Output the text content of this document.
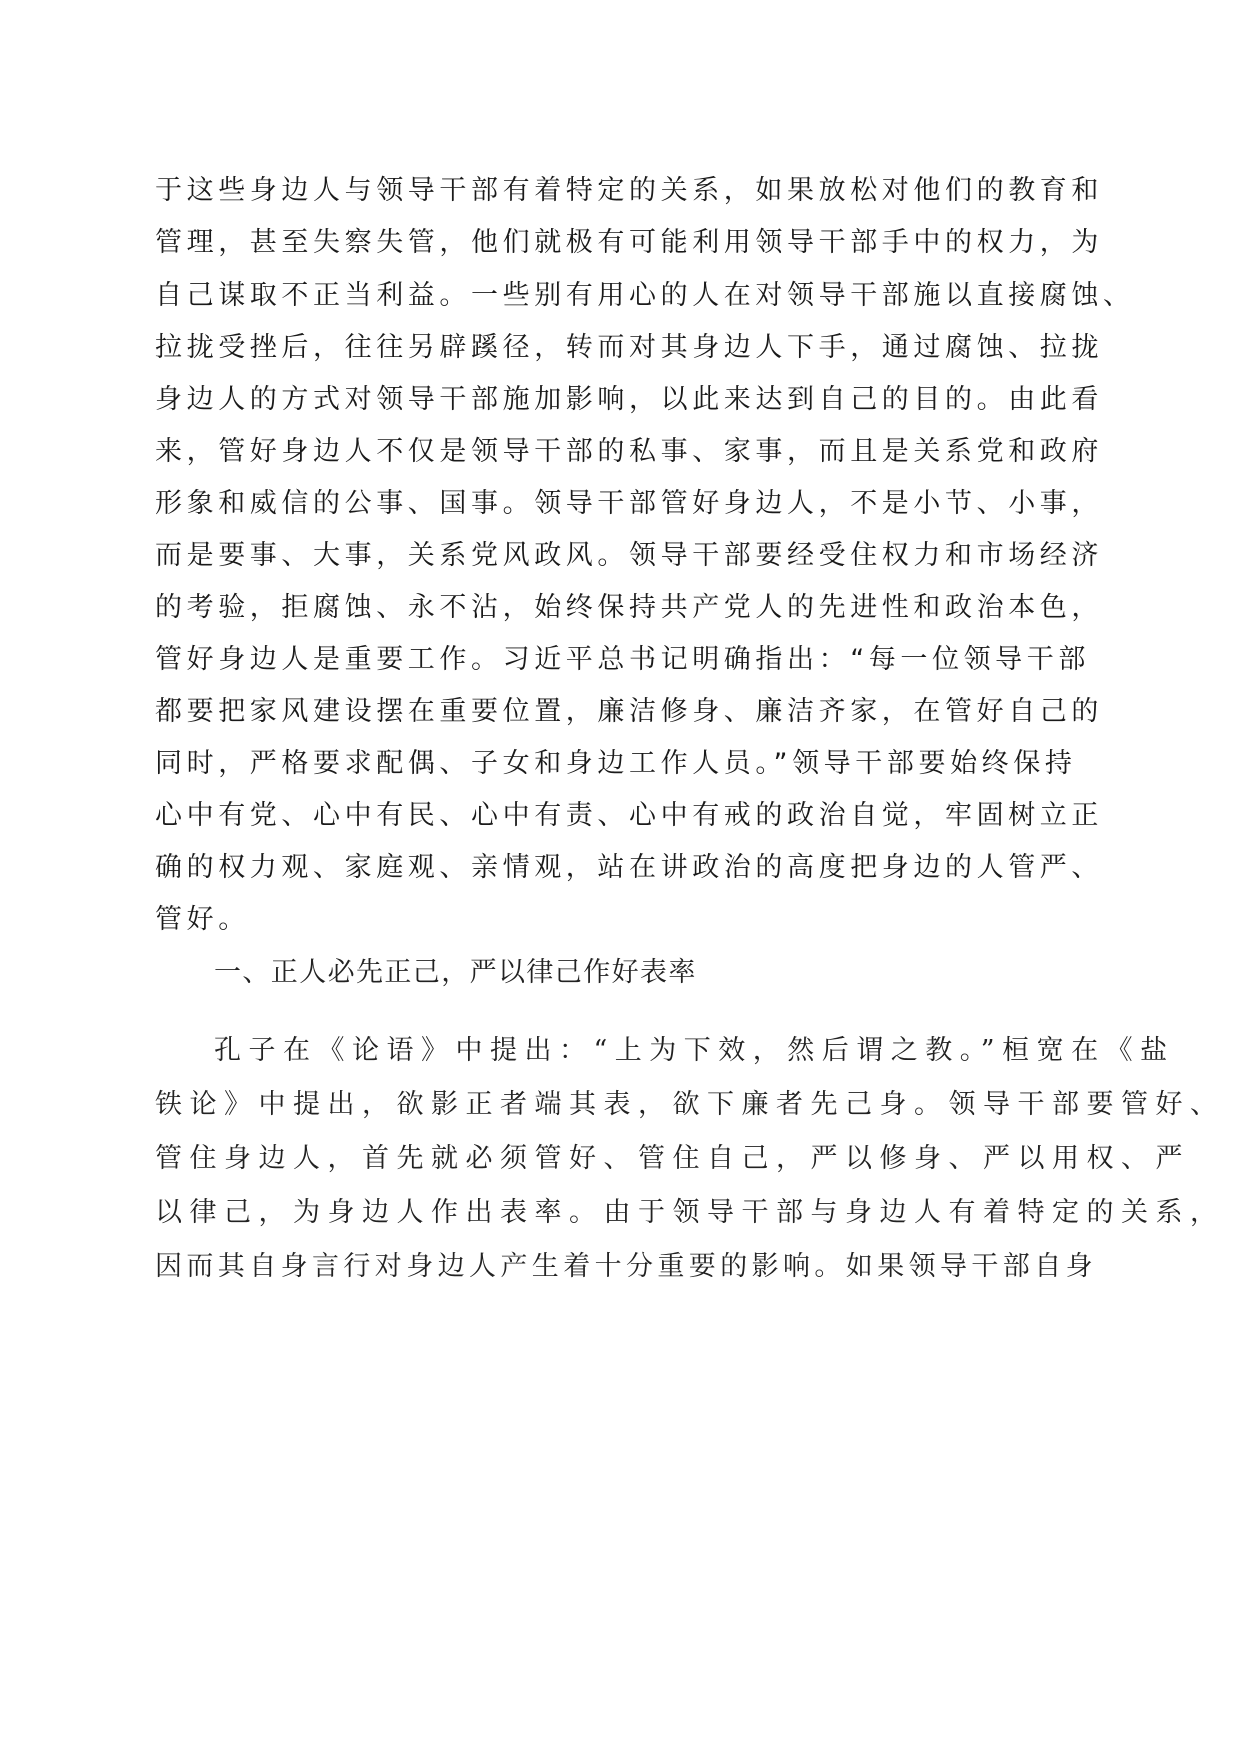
于这些身边人与领导干部有着特定的关系，如果放松对他们的教育和
管理，甚至失察失管，他们就极有可能利用领导干部手中的权力，为
自己谋取不正当利益。一些别有用心的人在对领导干部施以直接腐蚀、
拉拢受挫后，往往另辟蹊径，转而对其身边人下手，通过腐蚀、拉拢
身边人的方式对领导干部施加影响，以此来达到自己的目的。由此看
来，管好身边人不仅是领导干部的私事、家事，而且是关系党和政府
形象和威信的公事、国事。领导干部管好身边人，不是小节、小事，
而是要事、大事，关系党风政风。领导干部要经受住权力和市场经济
的考验，拒腐蚀、永不沾，始终保持共产党人的先进性和政治本色，
管好身边人是重要工作。习近平总书记明确指出：“每一位领导干部
都要把家风建设摆在重要位置，廉洁修身、廉洁齐家，在管好自己的
同时，严格要求配偶、子女和身边工作人员。”领导干部要始终保持
心中有党、心中有民、心中有责、心中有戒的政治自觉，牢固树立正
确的权力观、家庭观、亲情观，站在讲政治的高度把身边的人管严、
管好。
一、正人必先正己，严以律己作好表率
孔子在《论语》中提出：“上为下效，然后谓之教。”桓宽在《盐
铁论》中提出，欲影正者端其表，欲下廉者先己身。领导干部要管好、
管住身边人，首先就必须管好、管住自己，严以修身、严以用权、严
以律己，为身边人作出表率。由于领导干部与身边人有着特定的关系，
因而其自身言行对身边人产生着十分重要的影响。如果领导干部自身
